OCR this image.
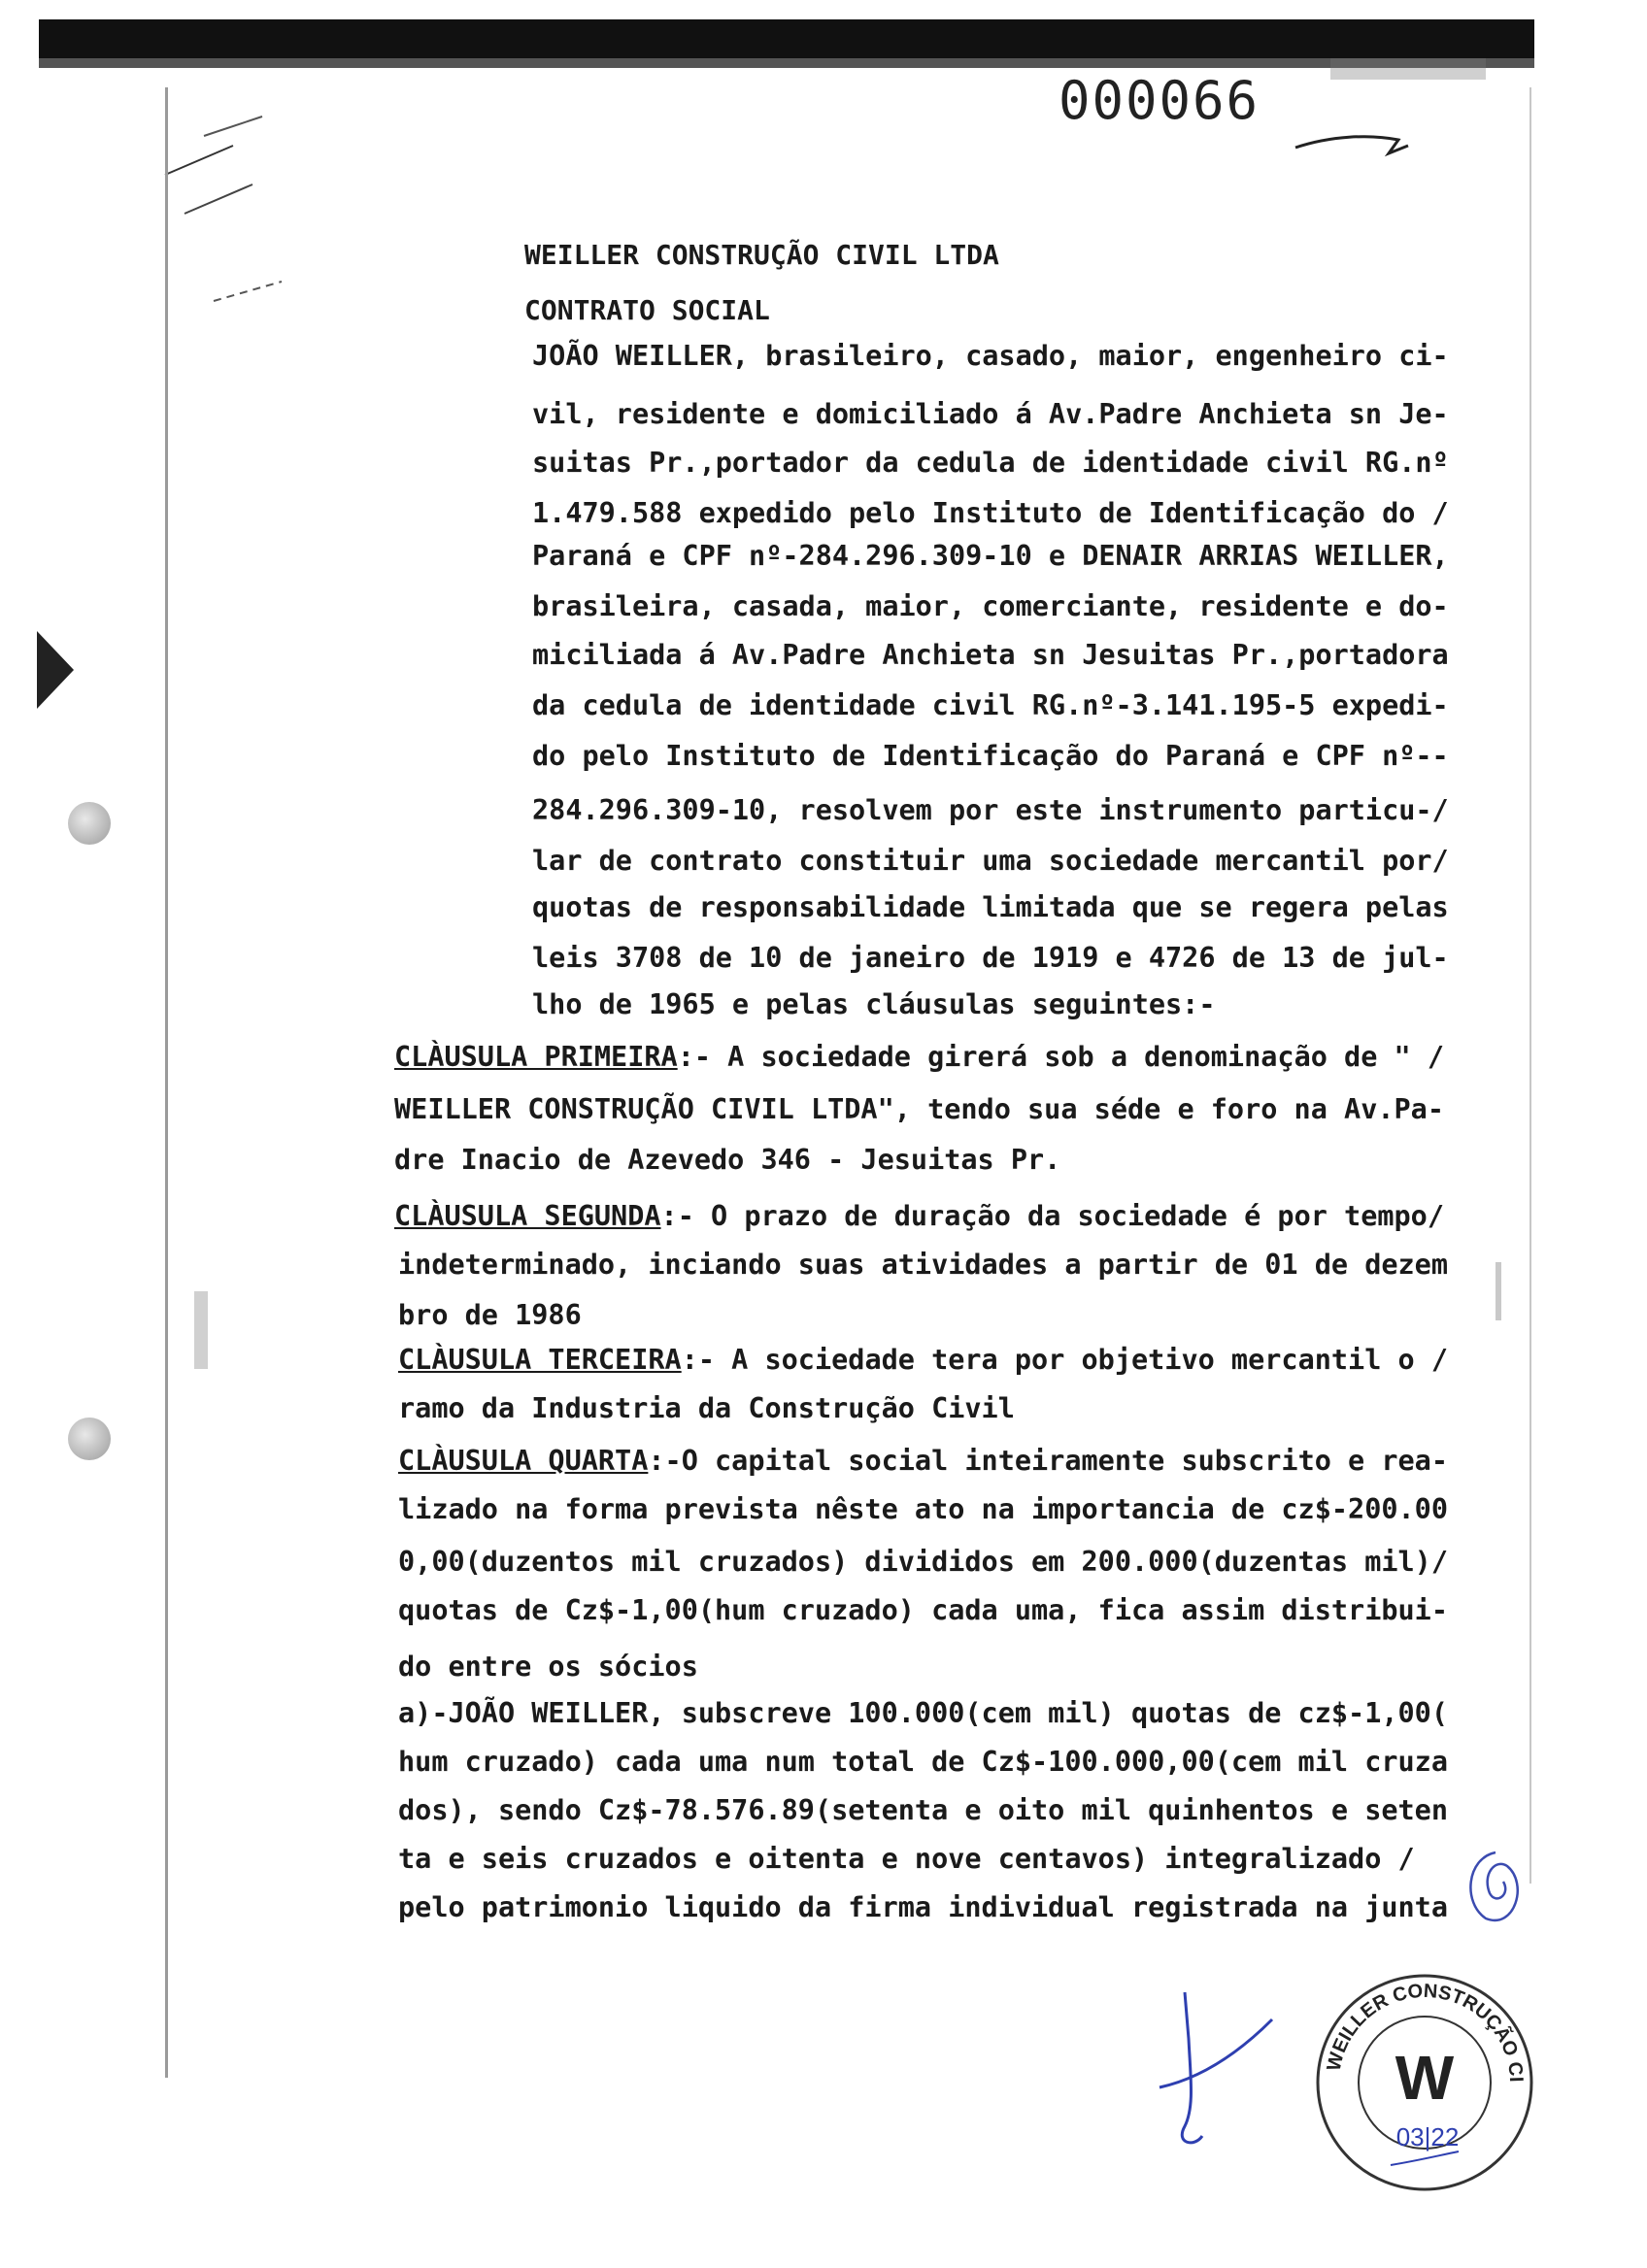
000066
WEILLER CONSTRUÇÃO CIVIL LTDA
CONTRATO SOCIAL
JOÃO WEILLER, brasileiro, casado, maior, engenheiro ci-
vil, residente e domiciliado á Av.Padre Anchieta sn Je-
suitas Pr.,portador da cedula de identidade civil RG.nº
1.479.588 expedido pelo Instituto de Identificação do /
Paraná e CPF nº-284.296.309-10 e DENAIR ARRIAS WEILLER,
brasileira, casada, maior, comerciante, residente e do-
miciliada á Av.Padre Anchieta sn Jesuitas Pr.,portadora
da cedula de identidade civil RG.nº-3.141.195-5 expedi-
do pelo Instituto de Identificação do Paraná e CPF nº--
284.296.309-10, resolvem por este instrumento particu-/
lar de contrato constituir uma sociedade mercantil por/
quotas de responsabilidade limitada que se regera pelas
leis 3708 de 10 de janeiro de 1919 e 4726 de 13 de jul-
lho de 1965 e pelas cláusulas seguintes:-
CLÀUSULA PRIMEIRA:- A sociedade girerá sob a denominação de " /
WEILLER CONSTRUÇÃO CIVIL LTDA", tendo sua séde e foro na Av.Pa-
dre Inacio de Azevedo 346 - Jesuitas Pr.
CLÀUSULA SEGUNDA:- O prazo de duração da sociedade é por tempo/
indeterminado, inciando suas atividades a partir de 01 de dezem
bro de 1986
CLÀUSULA TERCEIRA:- A sociedade tera por objetivo mercantil o /
ramo da Industria da Construção Civil
CLÀUSULA QUARTA:-O capital social inteiramente subscrito e rea-
lizado na forma prevista nêste ato na importancia de cz$-200.00
0,00(duzentos mil cruzados) divididos em 200.000(duzentas mil)/
quotas de Cz$-1,00(hum cruzado) cada uma, fica assim distribui-
do entre os sócios
a)-JOÃO WEILLER, subscreve 100.000(cem mil) quotas de cz$-1,00(
hum cruzado) cada uma num total de Cz$-100.000,00(cem mil cruza
dos), sendo Cz$-78.576.89(setenta e oito mil quinhentos e seten
ta e seis cruzados e oitenta e nove centavos) integralizado /
pelo patrimonio liquido da firma individual registrada na junta
WEILLER CONSTRUÇÃO CI
W
03|22
